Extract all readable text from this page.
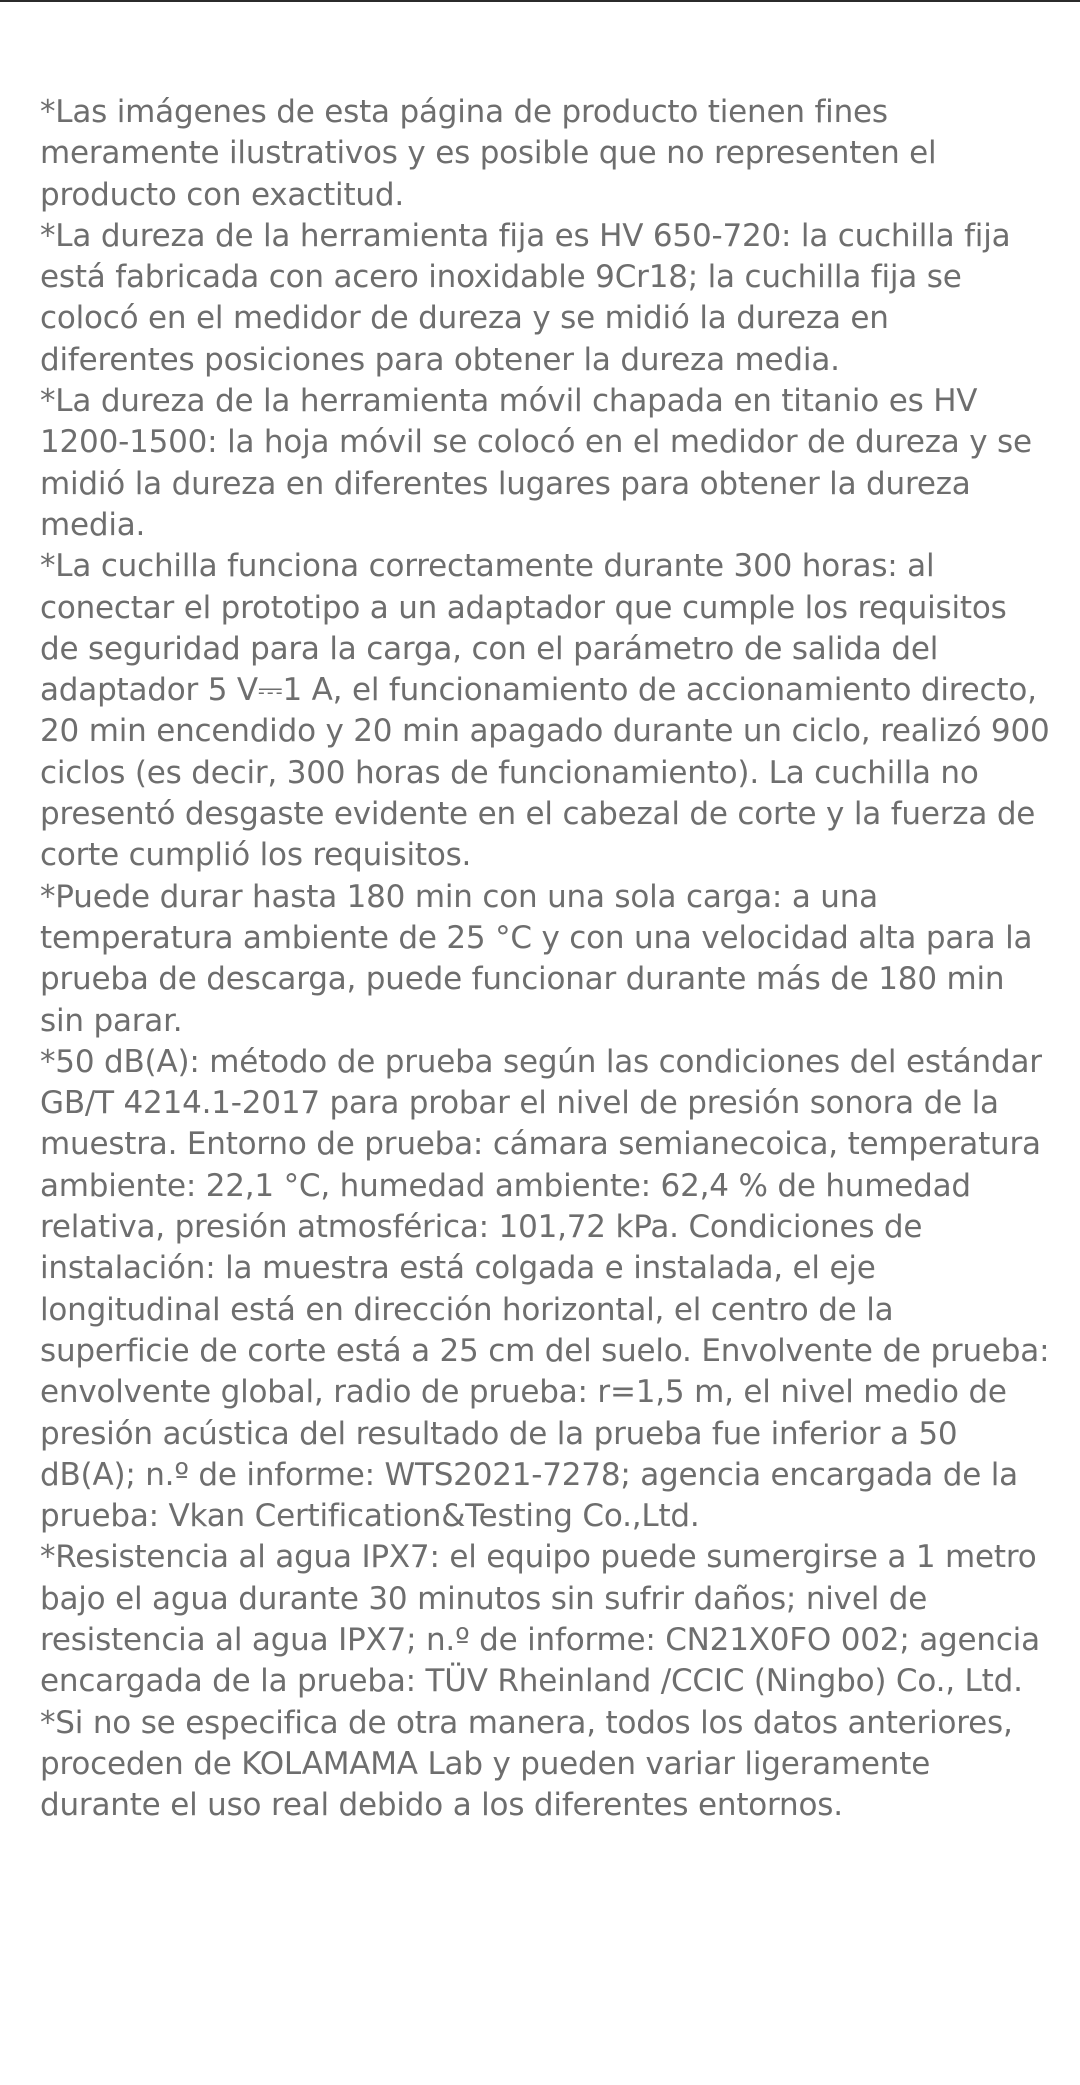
*Las imágenes de esta página de producto tienen fines meramente ilustrativos y es posible que no representen el producto con exactitud.

*La dureza de la herramienta fija es HV 650-720: la cuchilla fija está fabricada con acero inoxidable 9Cr18; la cuchilla fija se colocó en el medidor de dureza y se midió la dureza en diferentes posiciones para obtener la dureza media.

*La dureza de la herramienta móvil chapada en titanio es HV 1200-1500: la hoja móvil se colocó en el medidor de dureza y se midió la dureza en diferentes lugares para obtener la dureza media.

*La cuchilla funciona correctamente durante 300 horas: al conectar el prototipo a un adaptador que cumple los requisitos de seguridad para la carga, con el parámetro de salida del adaptador 5 V⎓1 A, el funcionamiento de accionamiento directo, 20 min encendido y 20 min apagado durante un ciclo, realizó 900 ciclos (es decir, 300 horas de funcionamiento). La cuchilla no presentó desgaste evidente en el cabezal de corte y la fuerza de corte cumplió los requisitos.

*Puede durar hasta 180 min con una sola carga: a una temperatura ambiente de 25 °C y con una velocidad alta para la prueba de descarga, puede funcionar durante más de 180 min sin parar.

*50 dB(A): método de prueba según las condiciones del estándar GB/T 4214.1-2017 para probar el nivel de presión sonora de la muestra. Entorno de prueba: cámara semianecoica, temperatura ambiente: 22,1 °C, humedad ambiente: 62,4 % de humedad relativa, presión atmosférica: 101,72 kPa. Condiciones de instalación: la muestra está colgada e instalada, el eje longitudinal está en dirección horizontal, el centro de la superficie de corte está a 25 cm del suelo. Envolvente de prueba: envolvente global, radio de prueba: r=1,5 m, el nivel medio de presión acústica del resultado de la prueba fue inferior a 50 dB(A); n.º de informe: WTS2021-7278; agencia encargada de la prueba: Vkan Certification&Testing Co.,Ltd.

*Resistencia al agua IPX7: el equipo puede sumergirse a 1 metro bajo el agua durante 30 minutos sin sufrir daños; nivel de resistencia al agua IPX7; n.º de informe: CN21X0FO 002; agencia encargada de la prueba: TÜV Rheinland /CCIC (Ningbo) Co., Ltd.

*Si no se especifica de otra manera, todos los datos anteriores, proceden de KOLAMAMA Lab y pueden variar ligeramente durante el uso real debido a los diferentes entornos.
